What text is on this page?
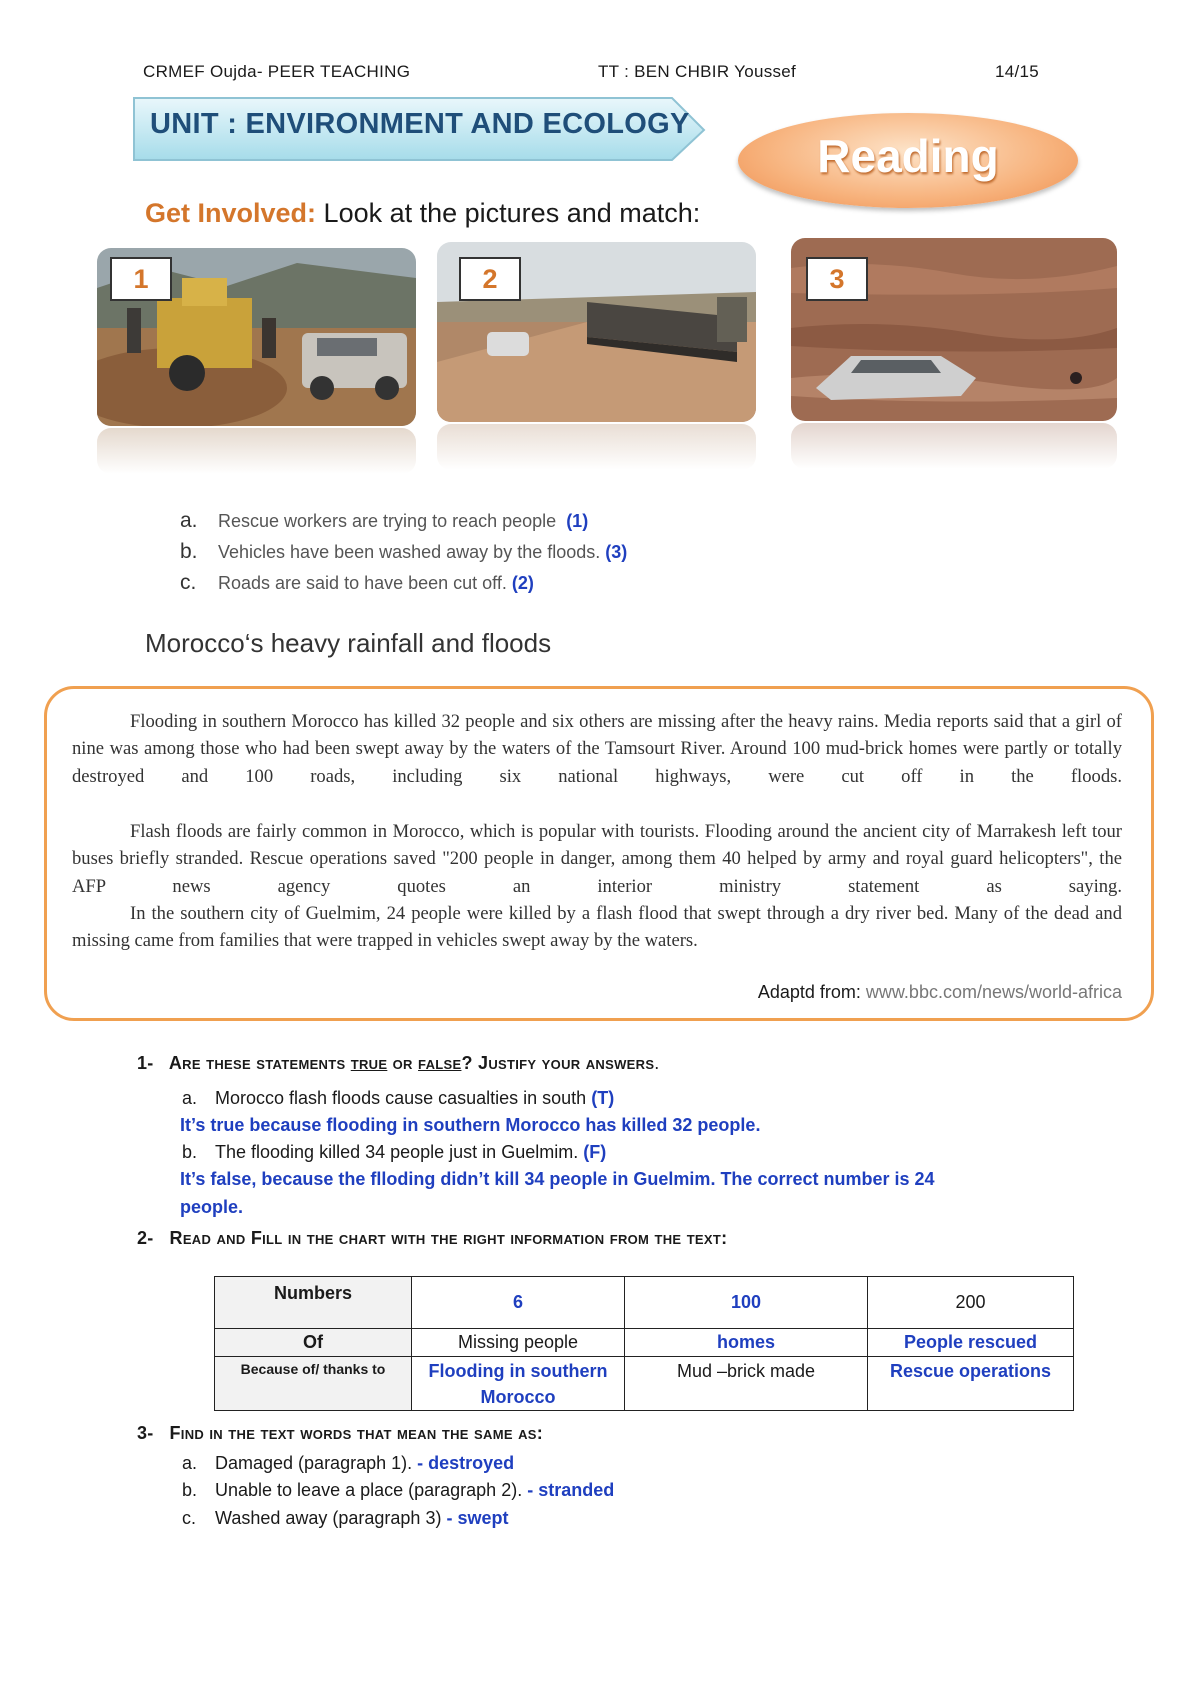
CRMEF Oujda- PEER TEACHING	TT : BEN CHBIR Youssef	14/15
UNIT : ENVIRONMENT AND ECOLOGY
Reading
Get Involved: Look at the pictures and match:
1	2	3
a. Rescue workers are trying to reach people (1)
b. Vehicles have been washed away by the floods. (3)
c. Roads are said to have been cut off. (2)
Morocco‘s heavy rainfall and floods
Flooding in southern Morocco has killed 32 people and six others are missing after the heavy rains. Media reports said that a girl of nine was among those who had been swept away by the waters of the Tamsourt River. Around 100 mud-brick homes were partly or totally destroyed and 100 roads, including six national highways, were cut off in the floods.
Flash floods are fairly common in Morocco, which is popular with tourists. Flooding around the ancient city of Marrakesh left tour buses briefly stranded. Rescue operations saved "200 people in danger, among them 40 helped by army and royal guard helicopters", the AFP news agency quotes an interior ministry statement as saying.
In the southern city of Guelmim, 24 people were killed by a flash flood that swept through a dry river bed. Many of the dead and missing came from families that were trapped in vehicles swept away by the waters.
Adaptd from: www.bbc.com/news/world-africa
1- Are these statements true or false? Justify your answers.
a. Morocco flash floods cause casualties in south (T)
It’s true because flooding in southern Morocco has killed 32 people.
b. The flooding killed 34 people just in Guelmim. (F)
It’s false, because the flloding didn’t kill 34 people in Guelmim. The correct number is 24
people.
2- Read and Fill in the chart with the right information from the text:
Numbers	6	100	200
Of	Missing people	homes	People rescued
Because of/ thanks to	Flooding in southern Morocco	Mud –brick made	Rescue operations
3- Find in the text words that mean the same as:
a. Damaged (paragraph 1). - destroyed
b. Unable to leave a place (paragraph 2). - stranded
c. Washed away (paragraph 3) - swept
